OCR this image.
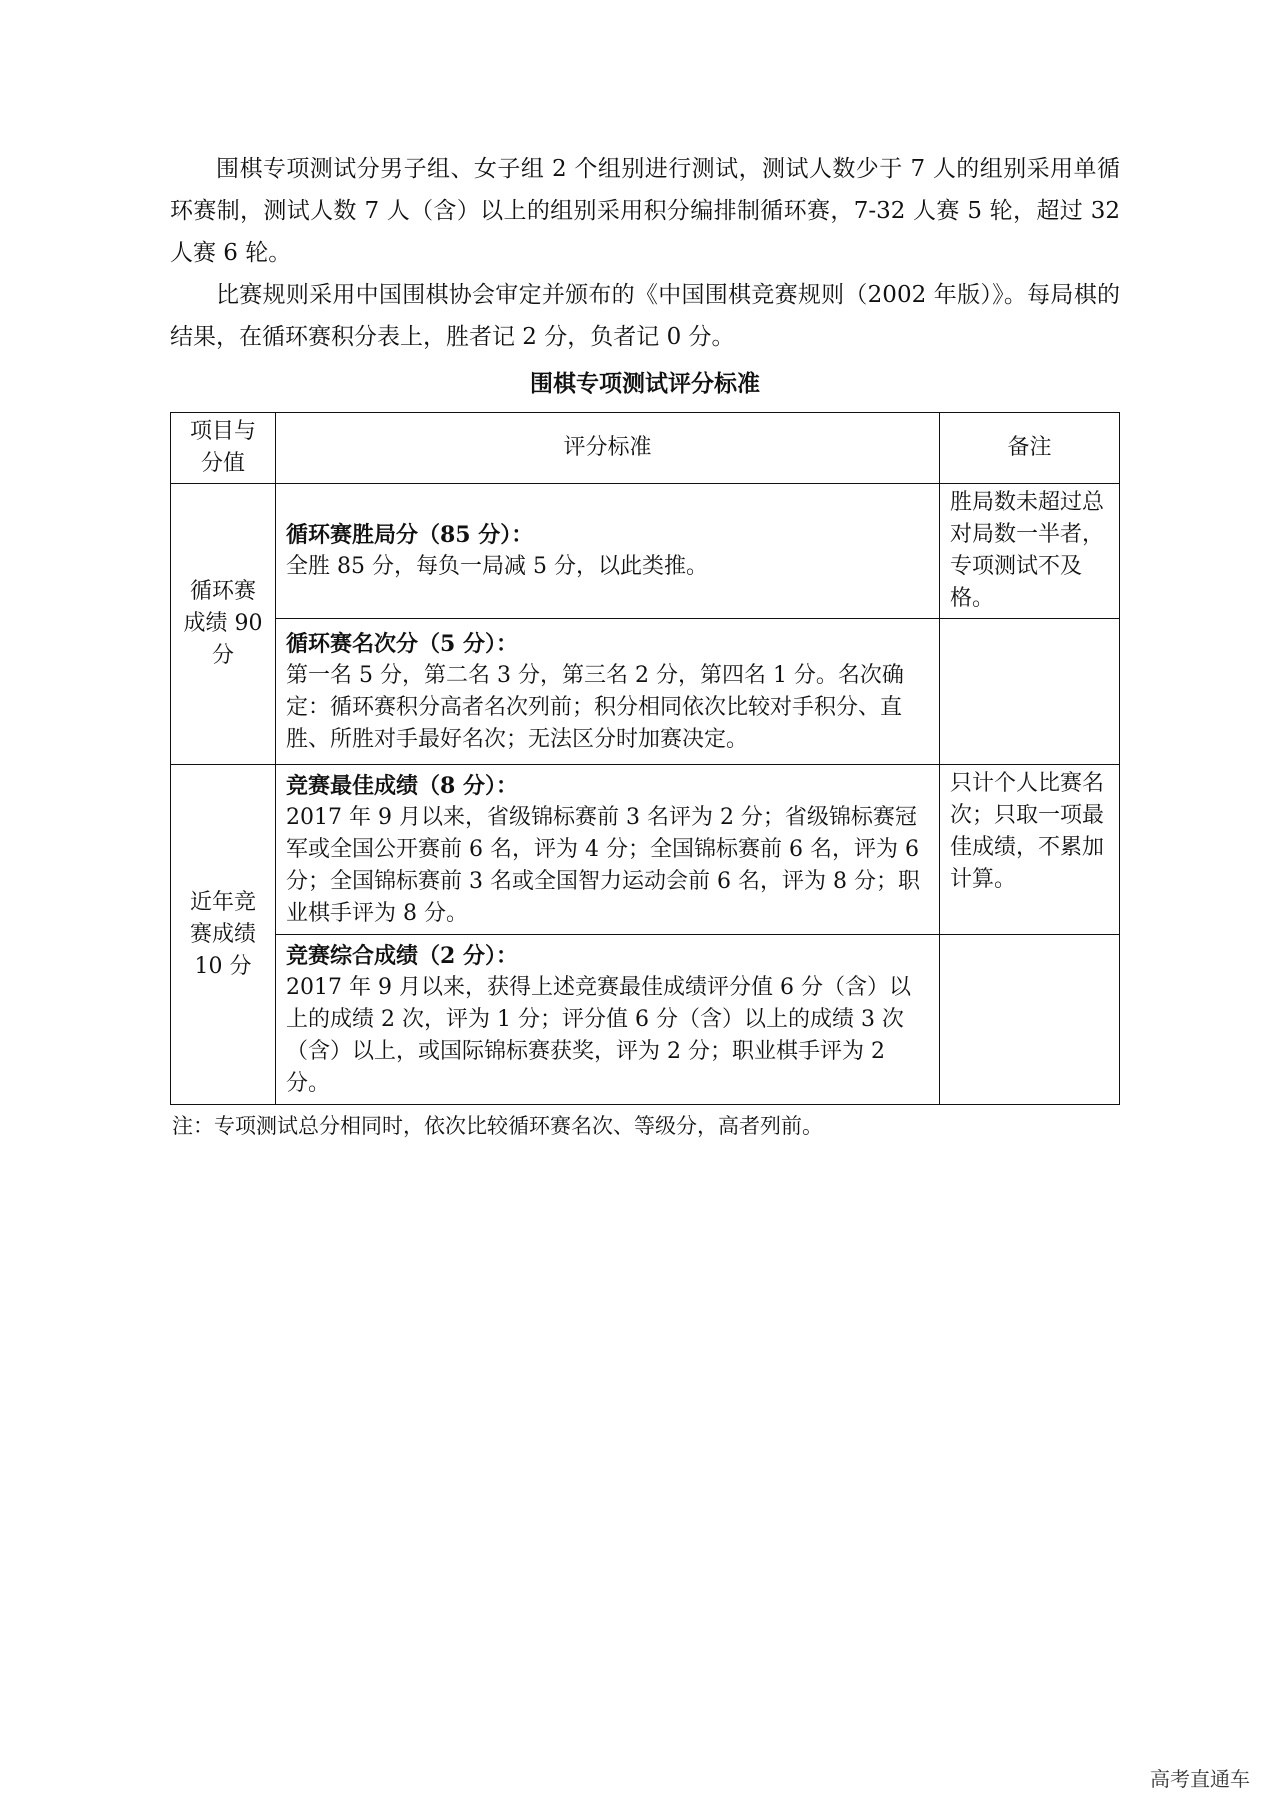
围棋专项测试分男子组、女子组 2 个组别进行测试，测试人数少于 7 人的组别采用单循环赛制，测试人数 7 人（含）以上的组别采用积分编排制循环赛，7-32 人赛 5 轮，超过 32 人赛 6 轮。

比赛规则采用中国围棋协会审定并颁布的《中国围棋竞赛规则（2002 年版）》。每局棋的结果，在循环赛积分表上，胜者记 2 分，负者记 0 分。

围棋专项测试评分标准
项目与分值	评分标准	备注
循环赛成绩 90 分	循环赛胜局分（85 分）：
全胜 85 分，每负一局减 5 分，以此类推。	胜局数未超过总对局数一半者，专项测试不及格。

	循环赛名次分（5 分）：
第一名 5 分，第二名 3 分，第三名 2 分，第四名 1 分。名次确定：循环赛积分高者名次列前；积分相同依次比较对手积分、直胜、所胜对手最好名次；无法区分时加赛决定。	

近年竞赛成绩 10 分	竞赛最佳成绩（8 分）：
2017 年 9 月以来，省级锦标赛前 3 名评为 2 分；省级锦标赛冠军或全国公开赛前 6 名，评为 4 分；全国锦标赛前 6 名，评为 6 分；全国锦标赛前 3 名或全国智力运动会前 6 名，评为 8 分；职业棋手评为 8 分。	只计个人比赛名次；只取一项最佳成绩，不累加计算。

	竞赛综合成绩（2 分）：
2017 年 9 月以来，获得上述竞赛最佳成绩评分值 6 分（含）以上的成绩 2 次，评为 1 分；评分值 6 分（含）以上的成绩 3 次（含）以上，或国际锦标赛获奖，评为 2 分；职业棋手评为 2 分。	

注：专项测试总分相同时，依次比较循环赛名次、等级分，高者列前。
高考直通车
